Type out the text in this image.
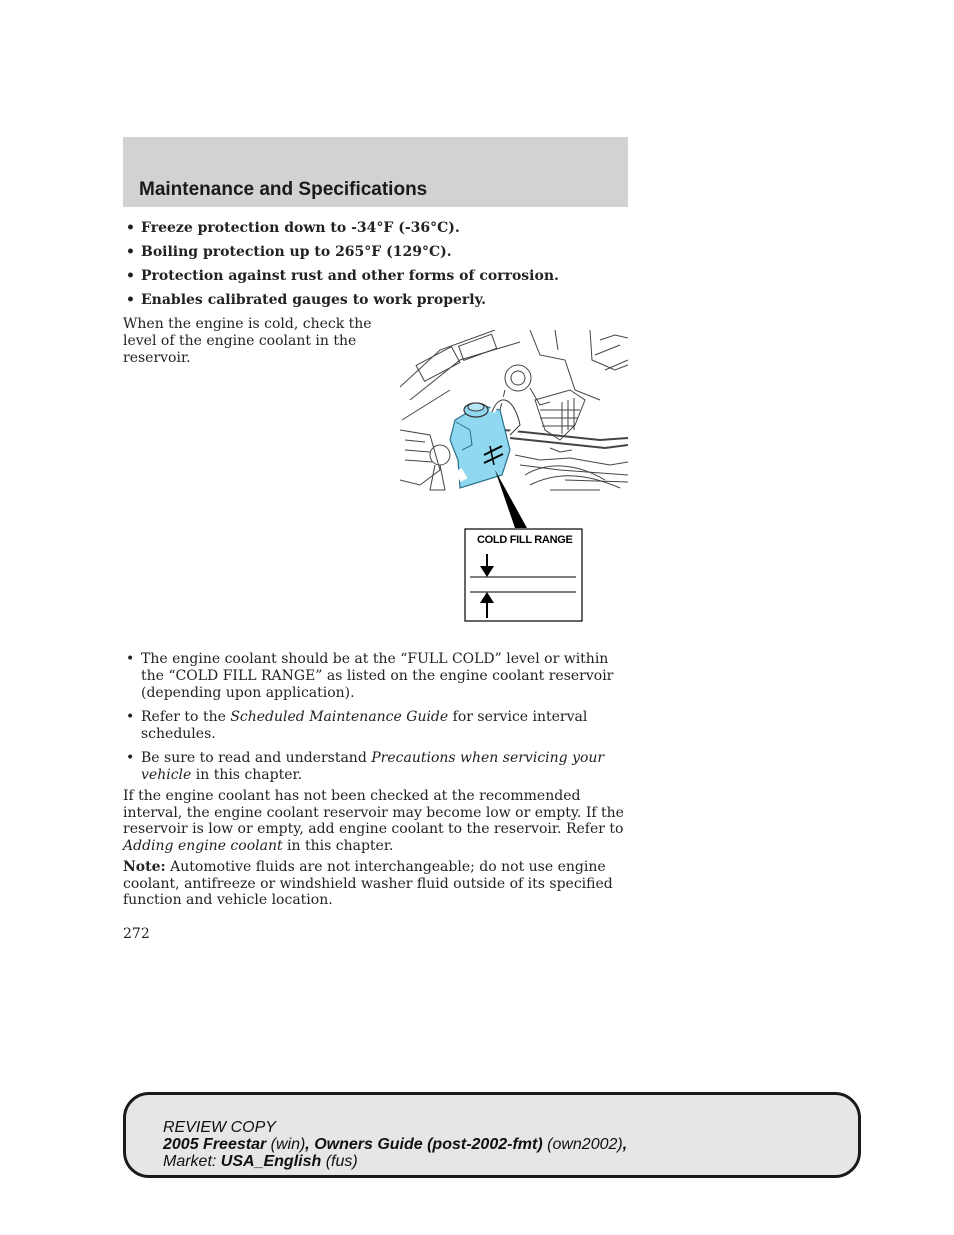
Maintenance and Specifications
• Freeze protection down to -34°F (-36°C).
• Boiling protection up to 265°F (129°C).
• Protection against rust and other forms of corrosion.
• Enables calibrated gauges to work properly.

When the engine is cold, check the level of the engine coolant in the reservoir.

COLD FILL RANGE
• The engine coolant should be at the “FULL COLD” level or within the “COLD FILL RANGE” as listed on the engine coolant reservoir (depending upon application).
• Refer to the Scheduled Maintenance Guide for service interval schedules.
• Be sure to read and understand Precautions when servicing your vehicle in this chapter.

If the engine coolant has not been checked at the recommended interval, the engine coolant reservoir may become low or empty. If the reservoir is low or empty, add engine coolant to the reservoir. Refer to Adding engine coolant in this chapter.

Note: Automotive fluids are not interchangeable; do not use engine coolant, antifreeze or windshield washer fluid outside of its specified function and vehicle location.

272

REVIEW COPY
2005 Freestar (win), Owners Guide (post-2002-fmt) (own2002),
Market: USA_English (fus)
